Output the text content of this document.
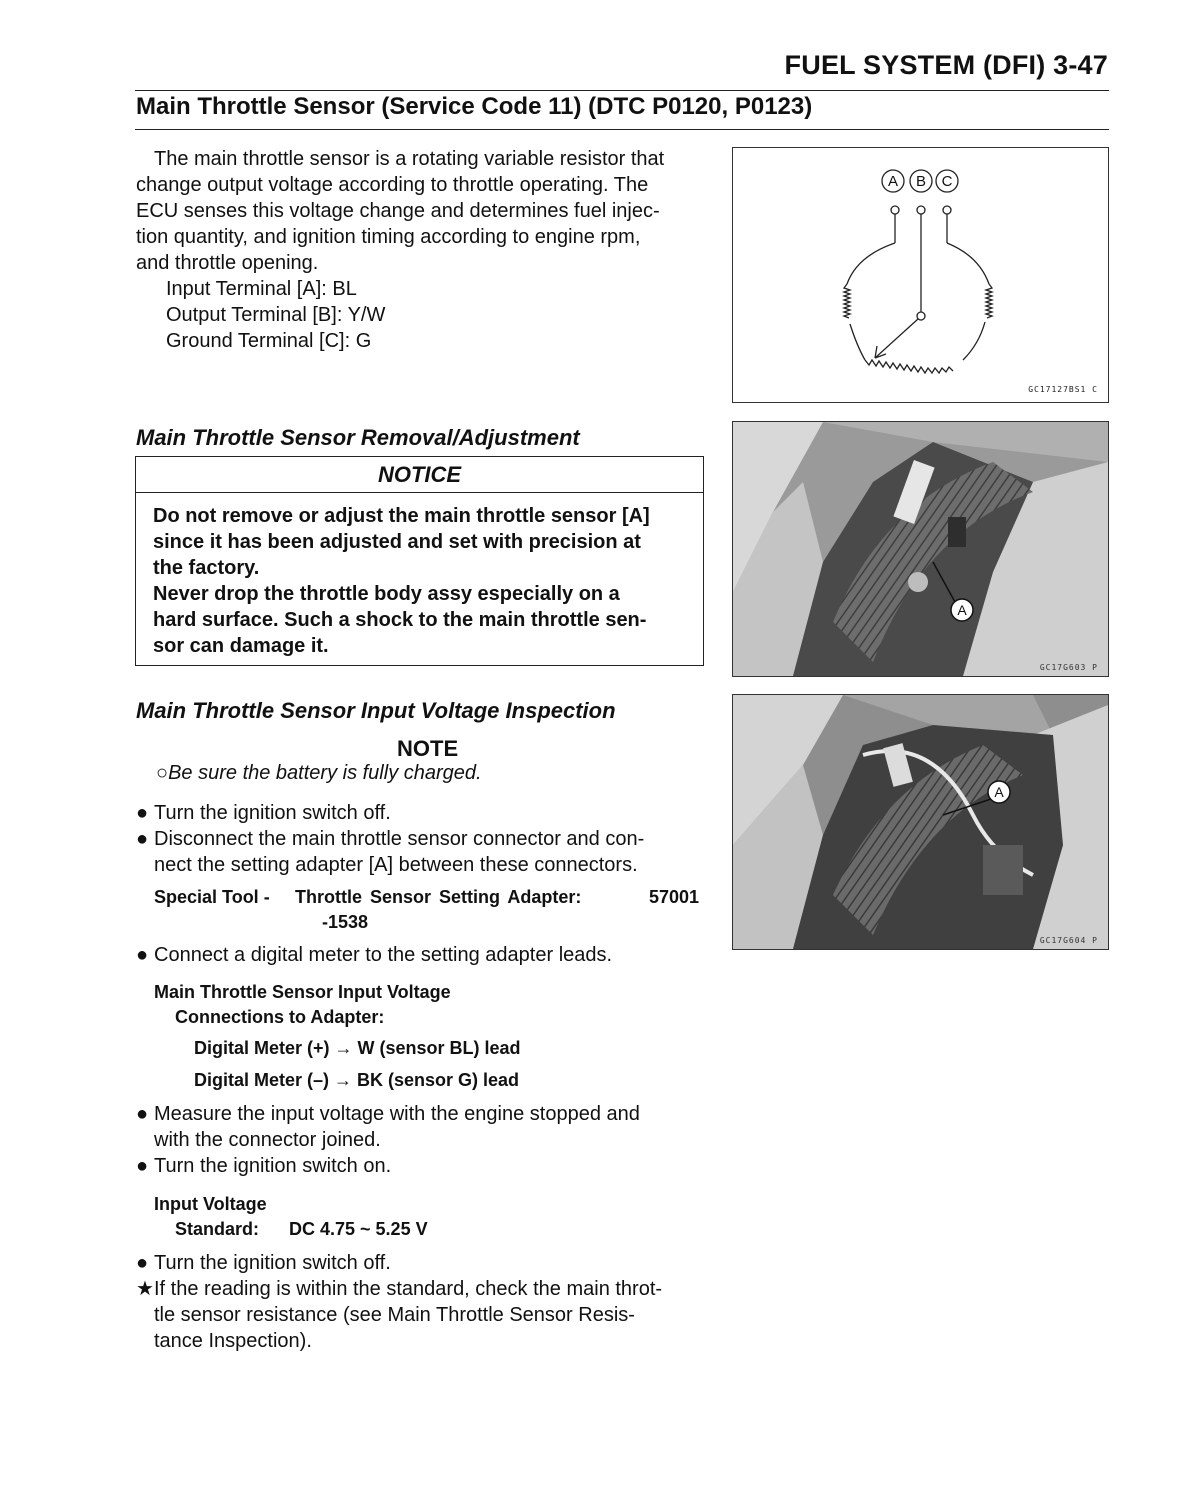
FUEL SYSTEM (DFI) 3-47
Main Throttle Sensor (Service Code 11) (DTC P0120, P0123)
The main throttle sensor is a rotating variable resistor that
change output voltage according to throttle operating. The
ECU senses this voltage change and determines fuel injec-
tion quantity, and ignition timing according to engine rpm,
and throttle opening.
Input Terminal [A]: BL
Output Terminal [B]: Y/W
Ground Terminal [C]: G
A B C
GC17127BS1 C
Main Throttle Sensor Removal/Adjustment
NOTICE
Do not remove or adjust the main throttle sensor [A]
since it has been adjusted and set with precision at
the factory.
Never drop the throttle body assy especially on a
hard surface. Such a shock to the main throttle sen-
sor can damage it.
A
GC17G603 P
Main Throttle Sensor Input Voltage Inspection
NOTE
○Be sure the battery is fully charged.
● Turn the ignition switch off.
● Disconnect the main throttle sensor connector and con-
nect the setting adapter [A] between these connectors.
Special Tool - Throttle Sensor Setting Adapter:	57001
-1538
● Connect a digital meter to the setting adapter leads.
Main Throttle Sensor Input Voltage
Connections to Adapter:
Digital Meter (+) → W (sensor BL) lead
Digital Meter (–) → BK (sensor G) lead
● Measure the input voltage with the engine stopped and
with the connector joined.
● Turn the ignition switch on.
Input Voltage
Standard: DC 4.75 ~ 5.25 V
● Turn the ignition switch off.
★ If the reading is within the standard, check the main throt-
tle sensor resistance (see Main Throttle Sensor Resis-
tance Inspection).
A
GC17G604 P
